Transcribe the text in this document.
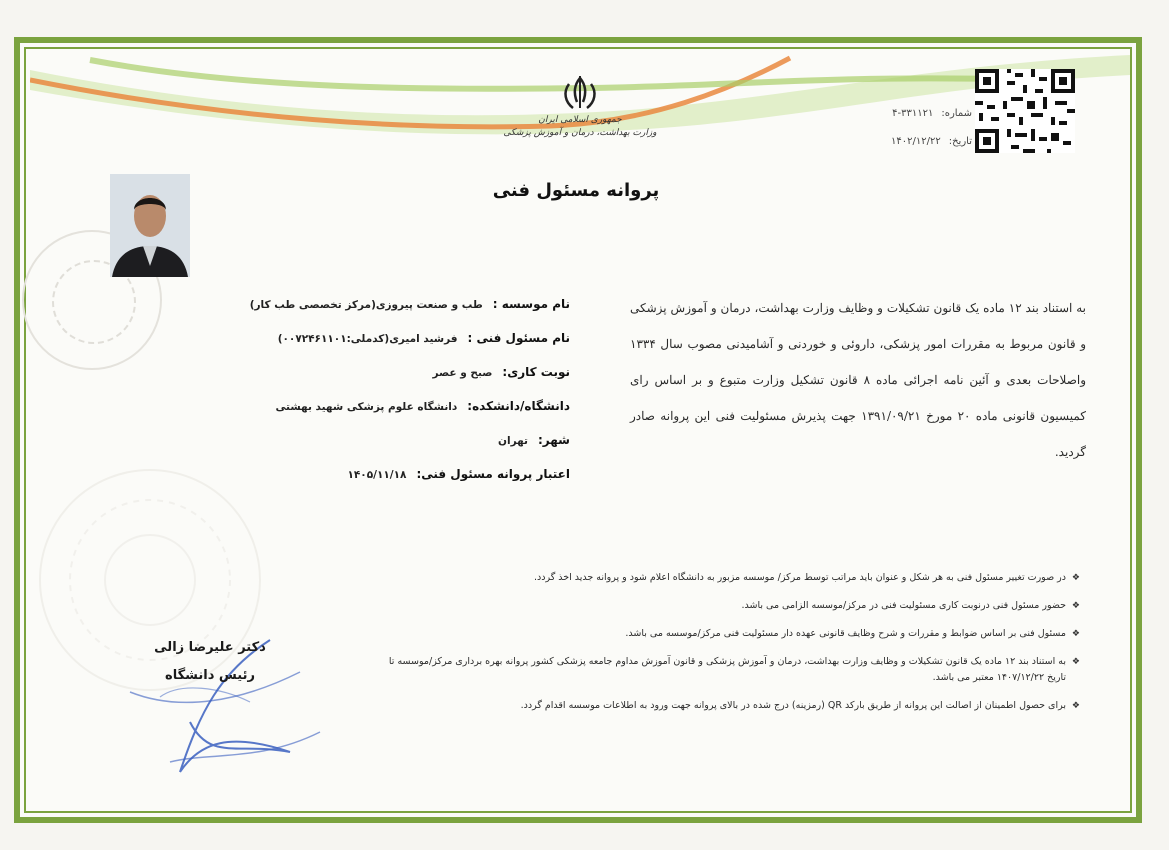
جمهوری اسلامی ایران
وزارت بهداشت، درمان و آموزش پزشکی
شماره:
۴-۳۳۱۱۲۱
تاریخ:
۱۴۰۲/۱۲/۲۲
پروانه مسئول فنی
به استناد بند ۱۲ ماده یک قانون تشکیلات و وظایف وزارت بهداشت، درمان و آموزش پزشکی و قانون مربوط به مقررات امور پزشکی، داروئی و خوردنی و آشامیدنی مصوب سال ۱۳۳۴ واصلاحات بعدی و آئین نامه اجرائی ماده ۸ قانون تشکیل وزارت متبوع و بر اساس رای کمیسیون قانونی ماده ۲۰ مورخ ۱۳۹۱/۰۹/۲۱ جهت پذیرش مسئولیت فنی این پروانه صادر گردید.
نام موسسه :
طب و صنعت پیروزی(مرکز تخصصی طب کار)
نام مسئول فنی :
فرشید امیری(کدملی:۰۰۷۲۴۶۱۱۰۱)
نوبت کاری:
صبح و عصر
دانشگاه/دانشکده:
دانشگاه علوم پزشکی شهید بهشتی
شهر:
تهران
اعتبار پروانه مسئول فنی:
۱۴۰۵/۱۱/۱۸
❖
در صورت تغییر مسئول فنی به هر شکل و عنوان باید مراتب توسط مرکز/ موسسه مزبور به دانشگاه اعلام شود و پروانه جدید اخذ گردد.
❖
حضور مسئول فنی درنوبت کاری مسئولیت فنی در مرکز/موسسه الزامی می باشد.
❖
مسئول فنی بر اساس ضوابط و مقررات و شرح وظایف قانونی عهده دار مسئولیت فنی مرکز/موسسه می باشد.
❖
به استناد بند ۱۲ ماده یک قانون تشکیلات و وظایف وزارت بهداشت، درمان و آموزش پزشکی و قانون آموزش مداوم جامعه پزشکی کشور پروانه بهره برداری مرکز/موسسه تا تاریخ ۱۴۰۷/۱۲/۲۲ معتبر می باشد.
❖
برای حصول اطمینان از اصالت این پروانه از طریق بارکد QR (رمزینه) درج شده در بالای پروانه جهت ورود به اطلاعات موسسه اقدام گردد.
دکتر علیرضا زالی
رئیس دانشگاه
